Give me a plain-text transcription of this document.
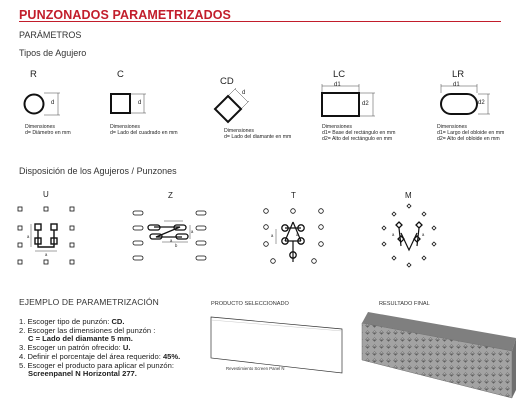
PUNZONADOS PARAMETRIZADOS
PARÁMETROS
Tipos de Agujero
R	C
CD
LC	LR
d	d
d
d1
d2
d1
d2
Dimensiones
d= Diámetro en mm
Dimensiones
d= Lado del cuadrado en mm	Dimensiones
d= Lado del diamante en mm
Dimensiones
d1= Base del rectángulo en mm
d2= Alto del rectángulo en mm
Dimensiones
d1= Largo del obloide en mm
d2= Alto del obloide en mm
Disposición de los Agujeros / Punzones
U	Z	T	M
a
a
a
a
b
a	a	a	a
EJEMPLO DE PARAMETRIZACIÓN
1. Escoger tipo de punzón: CD.
2. Escoger las dimensiones del punzón :
C = Lado del diamante 5 mm.
3. Escoger un patrón ofrecido: U.
4. Definir el porcentaje del área requerido: 45%.
5. Escoger el producto para aplicar el punzón:
Screenpanel N Horizontal 277.
PRODUCTO SELECCIONADO
Revestimiento Screen Panel N
RESULTADO FINAL
